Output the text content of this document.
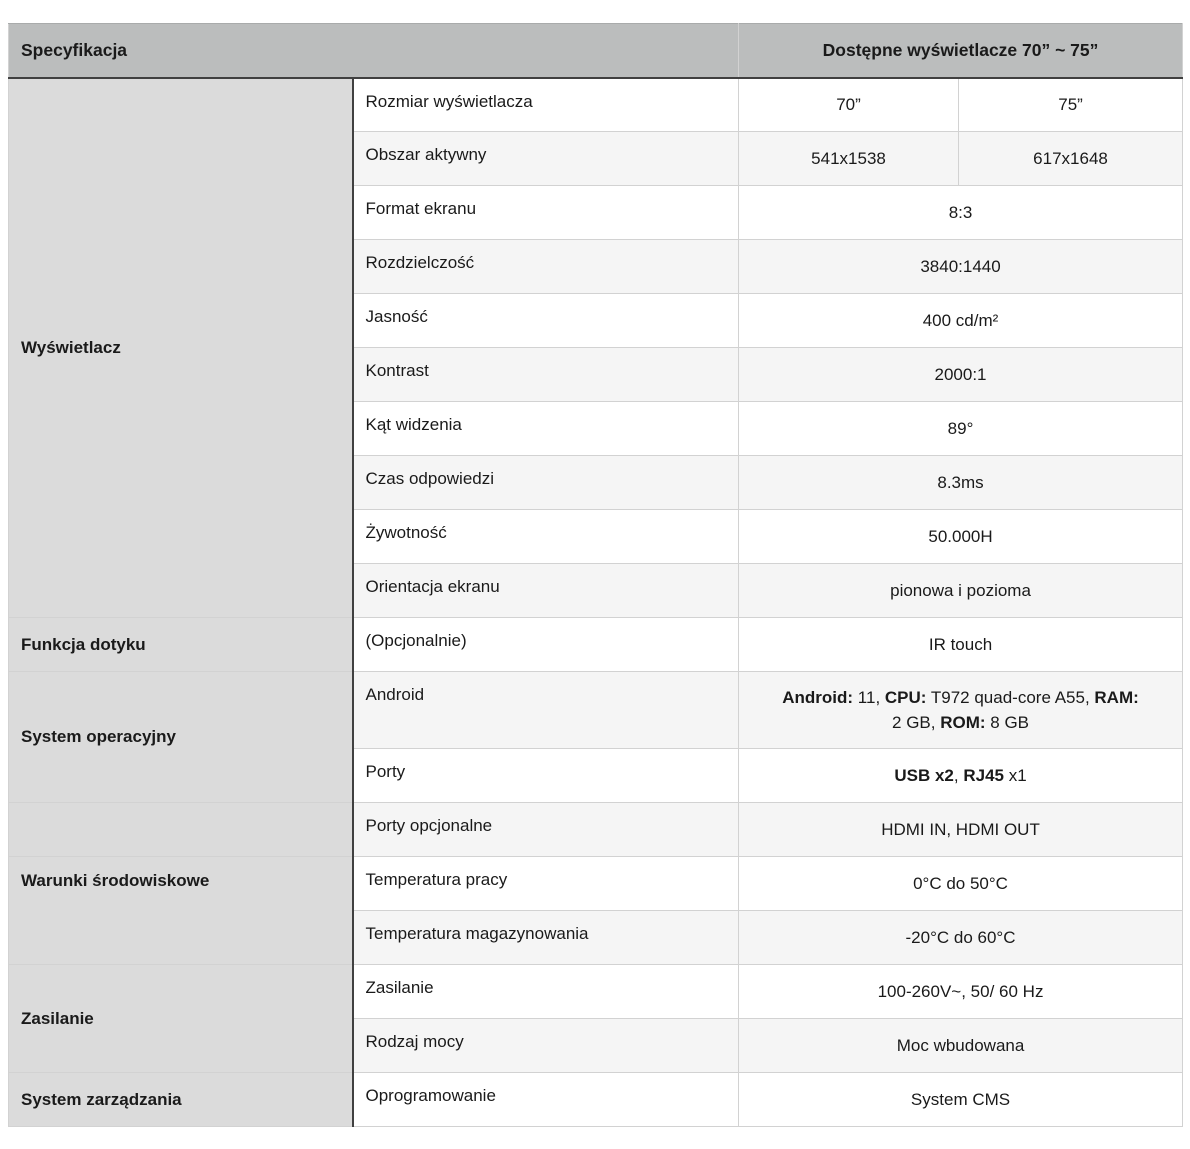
Specyfikacja		Dostępne wyświetlacze 70” ~ 75”	
Wyświetlacz	Rozmiar wyświetlacza	70”	75”
	Obszar aktywny	541x1538	617x1648
	Format ekranu	8:3	
	Rozdzielczość	3840:1440	
	Jasność	400 cd/m²	
	Kontrast	2000:1	
	Kąt widzenia	89°	
	Czas odpowiedzi	8.3ms	
	Żywotność	50.000H	
	Orientacja ekranu	pionowa i pozioma	
Funkcja dotyku	(Opcjonalnie)	IR touch	
System operacyjny	Android	Android: 11, CPU: T972 quad-core A55, RAM:
2 GB, ROM: 8 GB	
	Porty	USB x2, RJ45 x1	
	Porty opcjonalne	HDMI IN, HDMI OUT	
Warunki środowiskowe	Temperatura pracy	0°C do 50°C	
	Temperatura magazynowania	-20°C do 60°C	
Zasilanie	Zasilanie	100-260V~, 50/ 60 Hz	
	Rodzaj mocy	Moc wbudowana	
System zarządzania	Oprogramowanie	System CMS	
